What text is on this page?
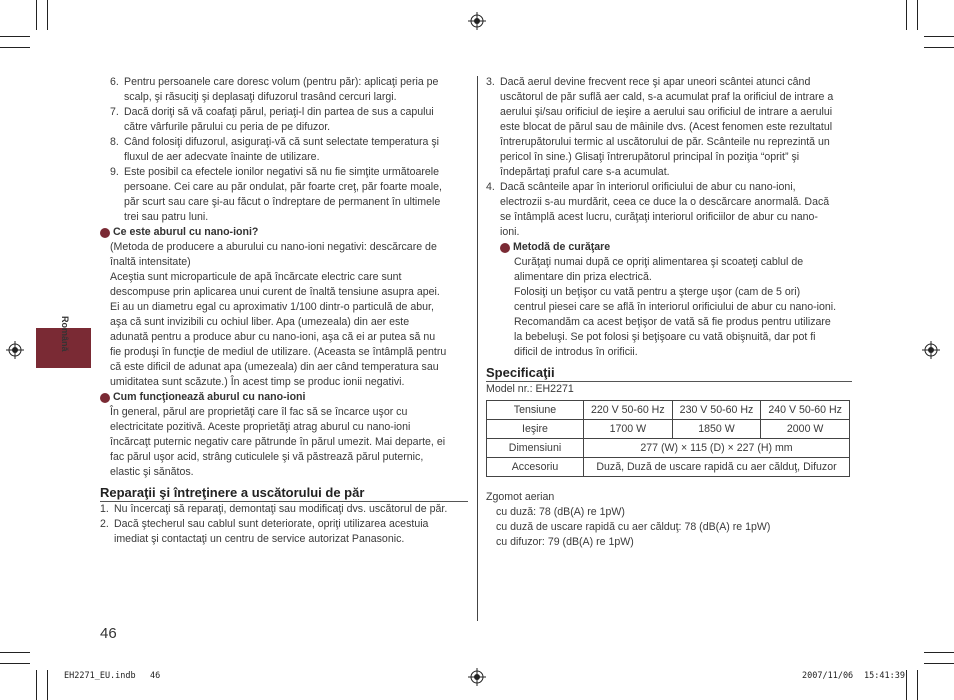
Română
6. Pentru persoanele care doresc volum (pentru păr): aplicaţi peria pe
scalp, şi răsuciţi şi deplasaţi difuzorul trasând cercuri largi.
7. Dacă doriţi să vă coafaţi părul, periaţi-l din partea de sus a capului
către vârfurile părului cu peria de pe difuzor.
8. Când folosiţi difuzorul, asiguraţi-vă că sunt selectate temperatura şi
fluxul de aer adecvate înainte de utilizare.
9. Este posibil ca efectele ionilor negativi să nu fie simţite următoarele
persoane. Cei care au păr ondulat, păr foarte creţ, păr foarte moale,
păr scurt sau care şi-au făcut o îndreptare de permanent în ultimele
trei sau patru luni.
Ce este aburul cu nano-ioni?
(Metoda de producere a aburului cu nano-ioni negativi: descărcare de
înaltă intensitate)
Aceştia sunt microparticule de apă încărcate electric care sunt
descompuse prin aplicarea unui curent de înaltă tensiune asupra apei.
Ei au un diametru egal cu aproximativ 1/100 dintr-o particulă de abur,
aşa că sunt invizibili cu ochiul liber. Apa (umezeala) din aer este
adunată pentru a produce abur cu nano-ioni, aşa că ei ar putea să nu
fie produşi în funcţie de mediul de utilizare. (Aceasta se întâmplă pentru
că este dificil de adunat apa (umezeala) din aer când temperatura sau
umiditatea sunt scăzute.) În acest timp se produc ionii negativi.
Cum funcţionează aburul cu nano-ioni
În general, părul are proprietăţi care îl fac să se încarce uşor cu
electricitate pozitivă. Aceste proprietăţi atrag aburul cu nano-ioni
încărcaţt puternic negativ care pătrunde în părul umezit. Mai departe, ei
fac părul uşor acid, strâng cuticulele şi vă păstrează părul puternic,
elastic şi sănătos.
Reparaţii şi întreţinere a uscătorului de păr
1. Nu încercaţi să reparaţi, demontaţi sau modificaţi dvs. uscătorul de păr.
2. Dacă ştecherul sau cablul sunt deteriorate, opriţi utilizarea acestuia
imediat şi contactaţi un centru de service autorizat Panasonic.
3. Dacă aerul devine frecvent rece şi apar uneori scântei atunci când
uscătorul de păr suflă aer cald, s-a acumulat praf la orificiul de intrare a
aerului şi/sau orificiul de ieşire a aerului sau orificiul de intrare a aerului
este blocat de părul sau de mâinile dvs. (Acest fenomen este rezultatul
întrerupătorului termic al uscătorului de păr. Scânteile nu reprezintă un
pericol în sine.) Glisaţi întrerupătorul principal în poziţia “oprit” şi
îndepărtaţi praful care s-a acumulat.
4. Dacă scânteile apar în interiorul orificiului de abur cu nano-ioni,
electrozii s-au murdărit, ceea ce duce la o descărcare anormală. Dacă
se întâmplă acest lucru, curăţaţi interiorul orificiilor de abur cu nano-
ioni.
Metodă de curăţare
Curăţaţi numai după ce opriţi alimentarea şi scoateţi cablul de
alimentare din priza electrică.
Folosiţi un beţişor cu vată pentru a şterge uşor (cam de 5 ori)
centrul piesei care se află în interiorul orificiului de abur cu nano-ioni.
Recomandăm ca acest beţişor de vată să fie produs pentru utilizare
la bebeluşi. Se pot folosi şi beţişoare cu vată obişnuită, dar pot fi
dificil de introdus în orificii.
Specificaţii
Model nr.: EH2271
Tensiune	220 V 50-60 Hz	230 V 50-60 Hz	240 V 50-60 Hz
Ieşire	1700 W	1850 W	2000 W
Dimensiuni	277 (W) × 115 (D) × 227 (H) mm		
Accesoriu	Duză, Duză de uscare rapidă cu aer călduţ, Difuzor		
Zgomot aerian
cu duză: 78 (dB(A) re 1pW)
cu duză de uscare rapidă cu aer călduţ: 78 (dB(A) re 1pW)
cu difuzor: 79 (dB(A) re 1pW)
46
EH2271_EU.indb 46	2007/11/06 15:41:39
